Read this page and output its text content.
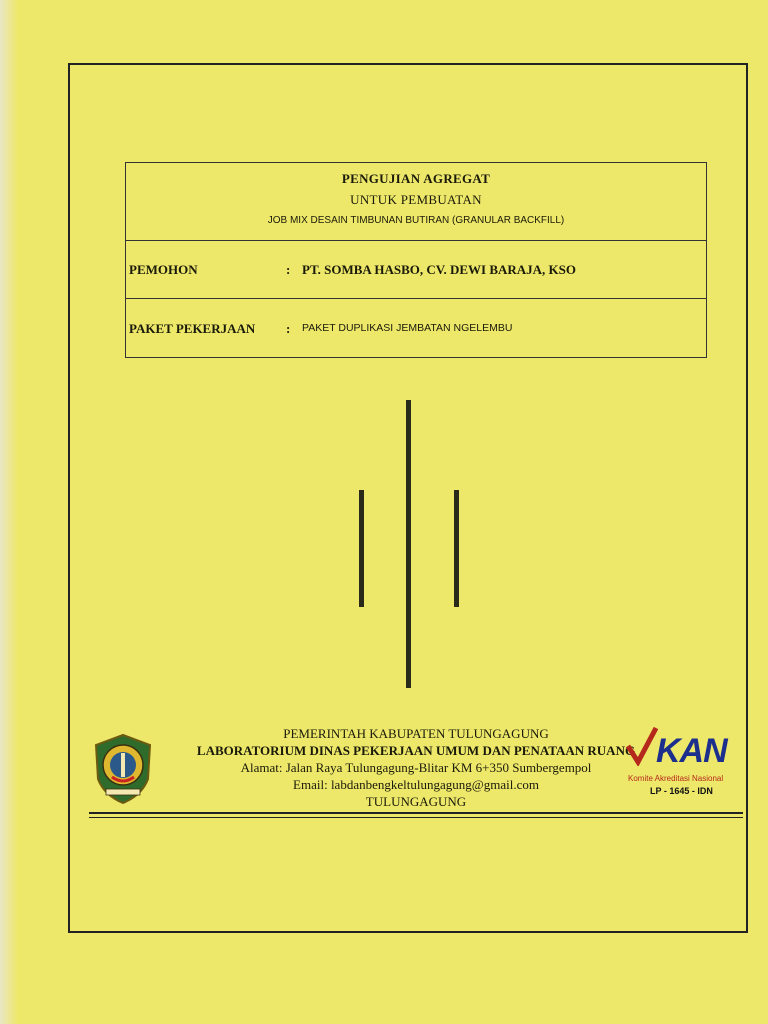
PENGUJIAN AGREGAT
UNTUK PEMBUATAN
JOB MIX DESAIN TIMBUNAN BUTIRAN (GRANULAR BACKFILL)
PEMOHON	: PT. SOMBA HASBO, CV. DEWI BARAJA, KSO
PAKET PEKERJAAN : PAKET DUPLIKASI JEMBATAN NGELEMBU
PEMERINTAH KABUPATEN TULUNGAGUNG
LABORATORIUM DINAS PEKERJAAN UMUM DAN PENATAAN RUANG
Alamat: Jalan Raya Tulungagung-Blitar KM 6+350 Sumbergempol
Email: labdanbengkeltulungagung@gmail.com
TULUNGAGUNG
KAN
Komite Akreditasi Nasional
LP - 1645 - IDN
